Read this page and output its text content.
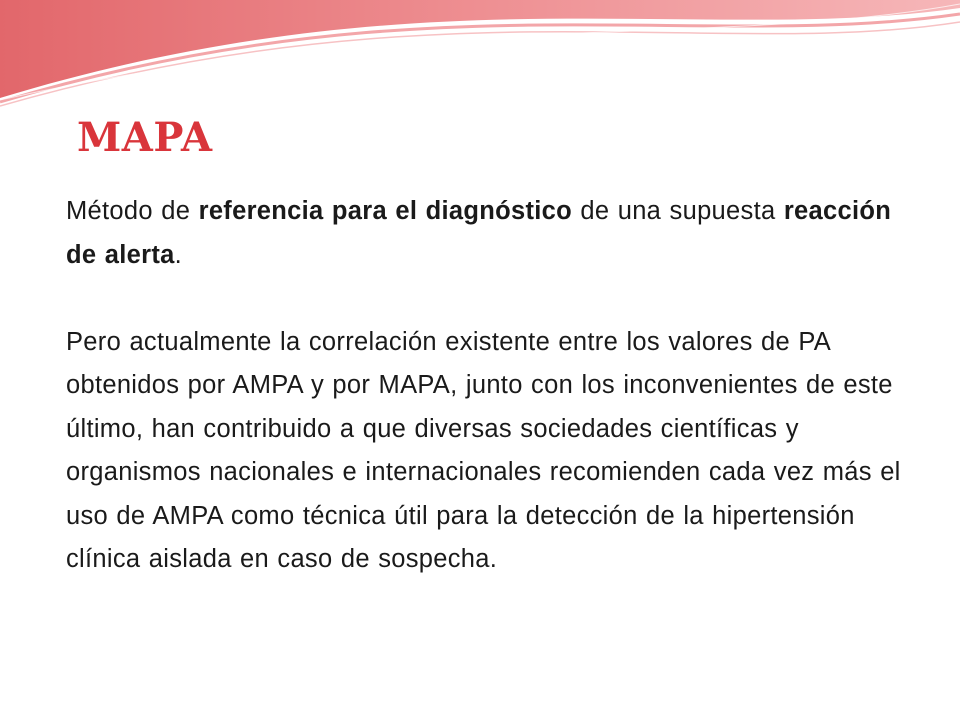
MAPA

Método de referencia para el diagnóstico de una supuesta reacción de alerta.

Pero actualmente la correlación existente entre los valores de PA obtenidos por AMPA y por MAPA, junto con los inconvenientes de este último, han contribuido a que diversas sociedades científicas y organismos nacionales e internacionales recomienden cada vez más el uso de AMPA como técnica útil para la detección de la hipertensión clínica aislada en caso de sospecha.
